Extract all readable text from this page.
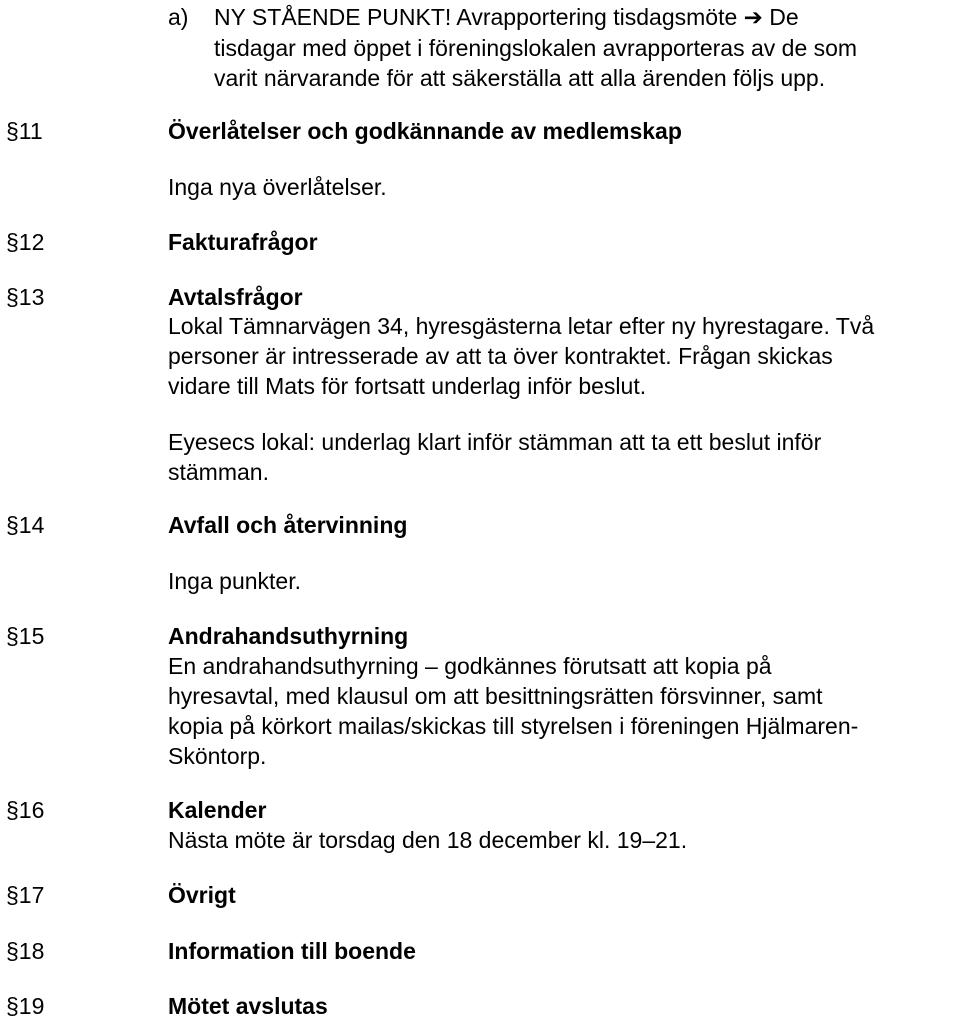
a) NY STÅENDE PUNKT! Avrapportering tisdagsmöte ➔ De
tisdagar med öppet i föreningslokalen avrapporteras av de som
varit närvarande för att säkerställa att alla ärenden följs upp.
§11	Överlåtelser och godkännande av medlemskap
Inga nya överlåtelser.
§12	Fakturafrågor
§13	Avtalsfrågor
Lokal Tämnarvägen 34, hyresgästerna letar efter ny hyrestagare. Två
personer är intresserade av att ta över kontraktet. Frågan skickas
vidare till Mats för fortsatt underlag inför beslut.
Eyesecs lokal: underlag klart inför stämman att ta ett beslut inför
stämman.
§14	Avfall och återvinning
Inga punkter.
§15	Andrahandsuthyrning
En andrahandsuthyrning – godkännes förutsatt att kopia på
hyresavtal, med klausul om att besittningsrätten försvinner, samt
kopia på körkort mailas/skickas till styrelsen i föreningen Hjälmaren-
Sköntorp.
§16	Kalender
Nästa möte är torsdag den 18 december kl. 19–21.
§17	Övrigt
§18	Information till boende
§19	Mötet avslutas
